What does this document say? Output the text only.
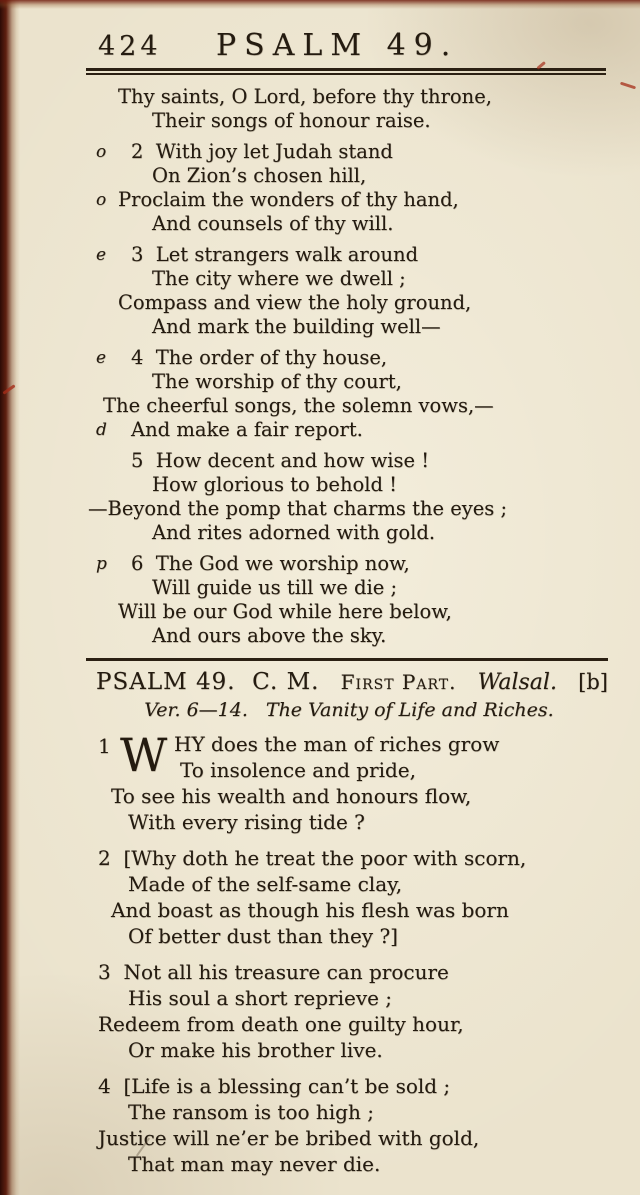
424 PSALM 49.
Thy saints, O Lord, before thy throne,
Their songs of honour raise.
o 2  With joy let Judah stand
On Zion’s chosen hill,
o Proclaim the wonders of thy hand,
And counsels of thy will.
e 3  Let strangers walk around
The city where we dwell ;
Compass and view the holy ground,
And mark the building well—
e 4  The order of thy house,
The worship of thy court,
The cheerful songs, the solemn vows,—
d And make a fair report.
5  How decent and how wise !
How glorious to behold !
—Beyond the pomp that charms the eyes ;
And rites adorned with gold.
p 6  The God we worship now,
Will guide us till we die ;
Will be our God while here below,
And ours above the sky.
PSALM 49.  C. M. First Part. Walsal. [b]
Ver. 6—14. The Vanity of Life and Riches.
1 W HY does the man of riches grow
To insolence and pride,
To see his wealth and honours flow,
With every rising tide ?
2  [Why doth he treat the poor with scorn,
Made of the self-same clay,
And boast as though his flesh was born
Of better dust than they ?]
3  Not all his treasure can procure
His soul a short reprieve ;
Redeem from death one guilty hour,
Or make his brother live.
4  [Life is a blessing can’t be sold ;
The ransom is too high ;
Justice will ne’er be bribed with gold,
That man may never die.
